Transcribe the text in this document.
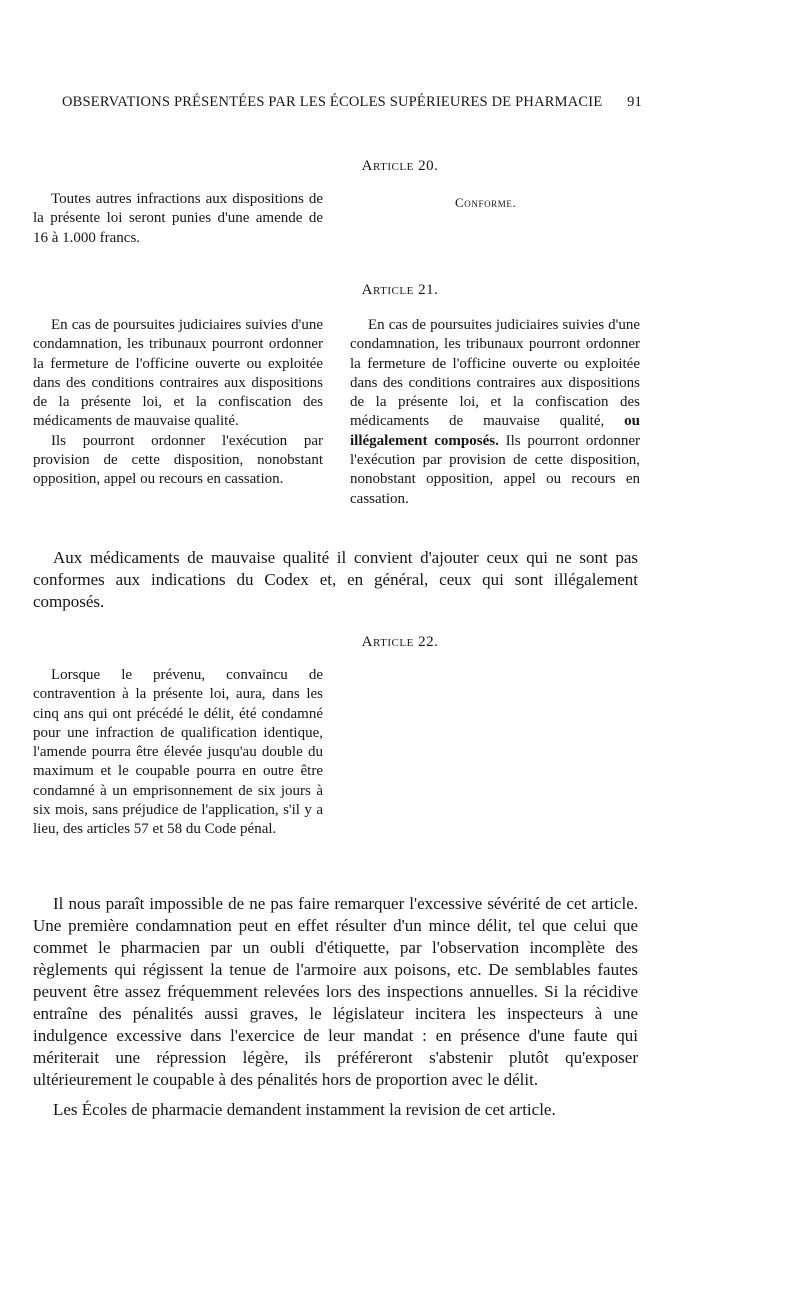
OBSERVATIONS PRÉSENTÉES PAR LES ÉCOLES SUPÉRIEURES DE PHARMACIE 91
Article 20.

Toutes autres infractions aux dispositions de la présente loi seront punies d'une amende de 16 à 1.000 francs.

Conforme.
Article 21.

En cas de poursuites judiciaires suivies d'une condamnation, les tribunaux pourront ordonner la fermeture de l'officine ouverte ou exploitée dans des conditions contraires aux dispositions de la présente loi, et la confiscation des médicaments de mauvaise qualité.

Ils pourront ordonner l'exécution par provision de cette disposition, nonobstant opposition, appel ou recours en cassation.

En cas de poursuites judiciaires suivies d'une condamnation, les tribunaux pourront ordonner la fermeture de l'officine ouverte ou exploitée dans des conditions contraires aux dispositions de la présente loi, et la confiscation des médicaments de mauvaise qualité, ou illégalement composés. Ils pourront ordonner l'exécution par provision de cette disposition, nonobstant opposition, appel ou recours en cassation.

Aux médicaments de mauvaise qualité il convient d'ajouter ceux qui ne sont pas conformes aux indications du Codex et, en général, ceux qui sont illégalement composés.

Article 22.

Lorsque le prévenu, convaincu de contravention à la présente loi, aura, dans les cinq ans qui ont précédé le délit, été condamné pour une infraction de qualification identique, l'amende pourra être élevée jusqu'au double du maximum et le coupable pourra en outre être condamné à un emprisonnement de six jours à six mois, sans préjudice de l'application, s'il y a lieu, des articles 57 et 58 du Code pénal.

Il nous paraît impossible de ne pas faire remarquer l'excessive sévérité de cet article. Une première condamnation peut en effet résulter d'un mince délit, tel que celui que commet le pharmacien par un oubli d'étiquette, par l'observation incomplète des règlements qui régissent la tenue de l'armoire aux poisons, etc. De semblables fautes peuvent être assez fréquemment relevées lors des inspections annuelles. Si la récidive entraîne des pénalités aussi graves, le législateur incitera les inspecteurs à une indulgence excessive dans l'exercice de leur mandat : en présence d'une faute qui mériterait une répression légère, ils préféreront s'abstenir plutôt qu'exposer ultérieurement le coupable à des pénalités hors de proportion avec le délit.

Les Écoles de pharmacie demandent instamment la revision de cet article.
